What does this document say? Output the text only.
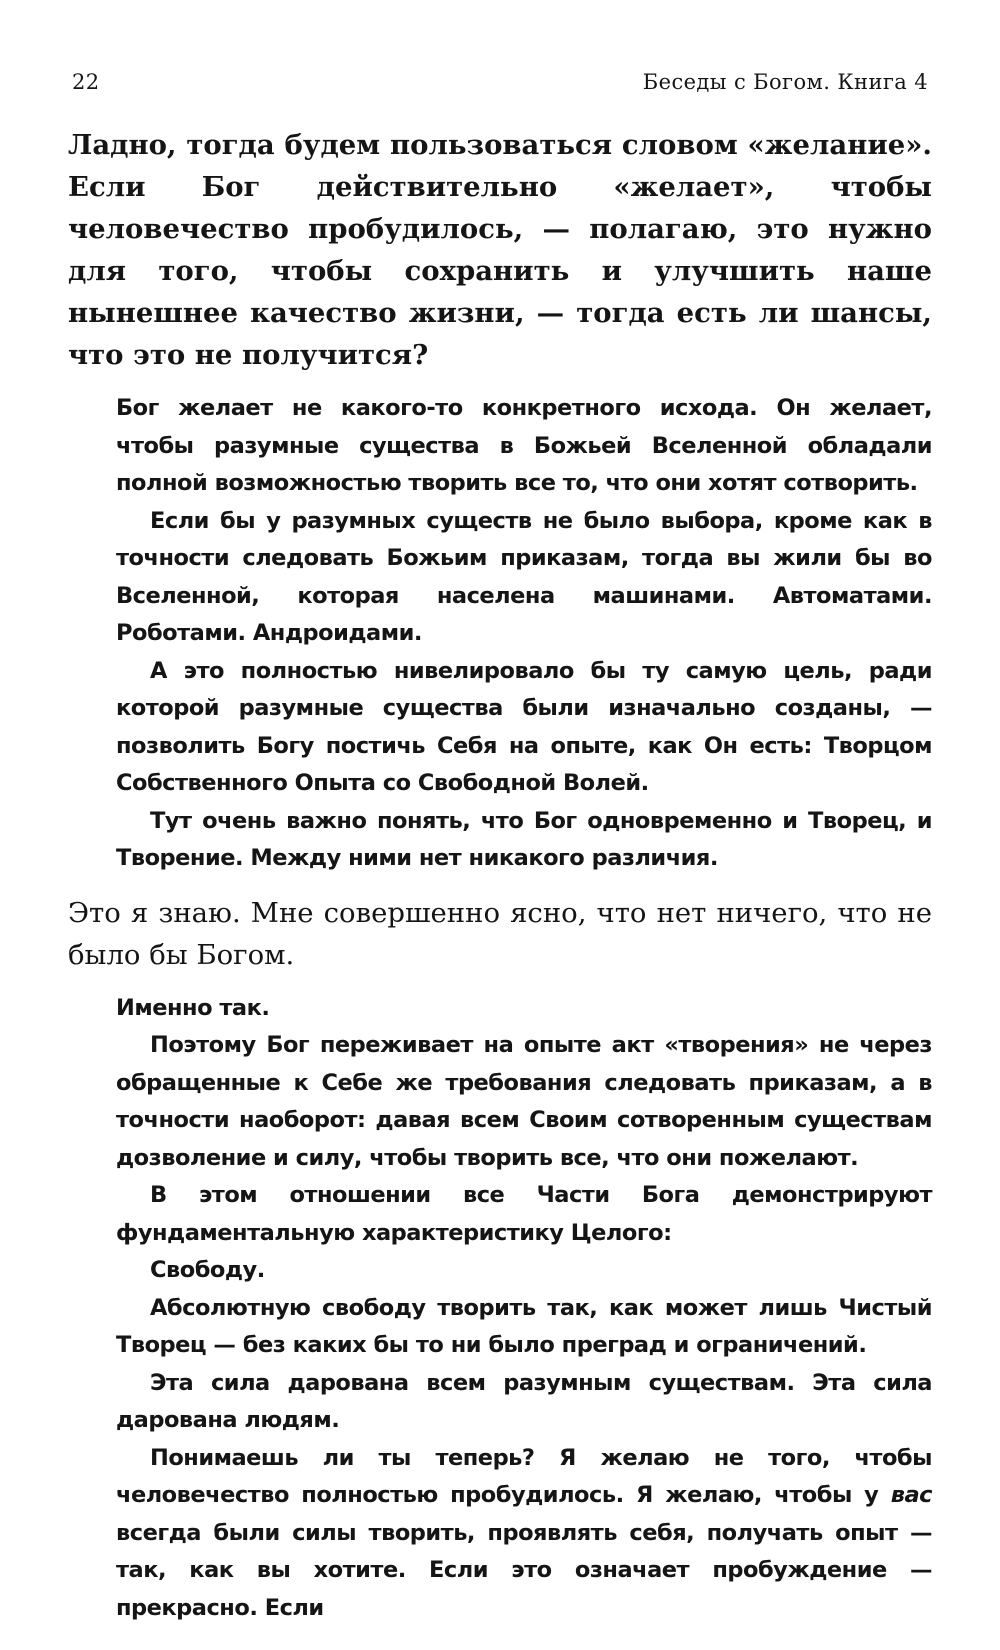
22	Беседы с Богом. Книга 4

Ладно, тогда будем пользоваться словом «желание». Если Бог действительно «желает», чтобы человечество пробудилось, — полагаю, это нужно для того, чтобы сохранить и улучшить наше нынешнее качество жизни, — тогда есть ли шансы, что это не получится?

Бог желает не какого-то конкретного исхода. Он желает, чтобы разумные существа в Божьей Вселенной обладали полной возможностью творить все то, что они хотят сотворить.

Если бы у разумных существ не было выбора, кроме как в точности следовать Божьим приказам, тогда вы жили бы во Вселенной, которая населена машинами. Автоматами. Роботами. Андроидами.

А это полностью нивелировало бы ту самую цель, ради которой разумные существа были изначально созданы, — позволить Богу постичь Себя на опыте, как Он есть: Творцом Собственного Опыта со Свободной Волей.

Тут очень важно понять, что Бог одновременно и Творец, и Творение. Между ними нет никакого различия.

Это я знаю. Мне совершенно ясно, что нет ничего, что не было бы Богом.

Именно так.

Поэтому Бог переживает на опыте акт «творения» не через обращенные к Себе же требования следовать приказам, а в точности наоборот: давая всем Своим сотворенным существам дозволение и силу, чтобы творить все, что они пожелают.

В этом отношении все Части Бога демонстрируют фундаментальную характеристику Целого:

Свободу.

Абсолютную свободу творить так, как может лишь Чистый Творец — без каких бы то ни было преград и ограничений.

Эта сила дарована всем разумным существам. Эта сила дарована людям.

Понимаешь ли ты теперь? Я желаю не того, чтобы человечество полностью пробудилось. Я желаю, чтобы у вас всегда были силы творить, проявлять себя, получать опыт — так, как вы хотите. Если это означает пробуждение — прекрасно. Если
